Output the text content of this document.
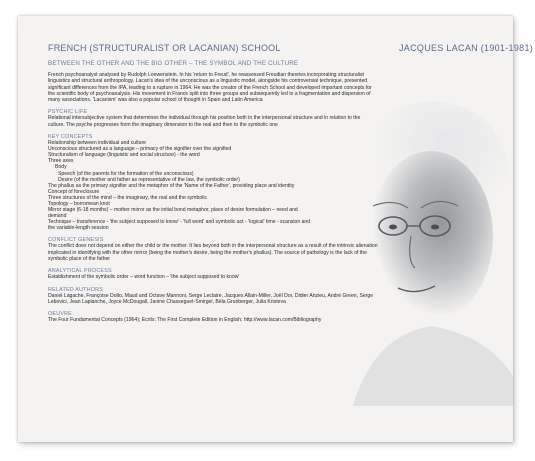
FRENCH (STRUCTURALIST OR LACANIAN) SCHOOL	JACQUES LACAN (1901-1981)
BETWEEN THE OTHER AND THE BIG OTHER – THE SYMBOL AND THE CULTURE
French psychoanalyst analysed by Rudolph Loewenstein. In his 'return to Freud', he reassessed Freudian theories incorporating structuralist linguistics and structural anthropology. Lacan's idea of the unconscious as a linguistic model, alongside his controversial technique, presented significant differences from the IPA, leading to a rupture in 1964. He was the creator of the French School and developed important concepts for the scientific body of psychoanalysis. His movement in France split into three groups and subsequently led to a fragmentation and dispersion of many associations. 'Lacanism' was also a popular school of thought in Spain and Latin America
PSYCHIC LIFE
Relational intersubjective system that determines the individual through his position both in the interpersonal structure and in relation to the culture. The psyche progresses from the imaginary dimension to the real and then to the symbolic one
KEY CONCEPTS
Relationship between individual and culture
Unconscious structured as a language – primacy of the signifier over the signified
Structuralism of language (linguistic and social structure) - the word
Three axes
Body
Speech (of the parents for the formation of the unconscious)
Desire (of the mother and father as representative of the law, the symbolic order)
The phallus as the primary signifier and the metaphor of the 'Name of the Father', providing place and identity
Concept of foreclosure
Three structures of the mind – the imaginary, the real and the symbolic
Topology – borromean knot
Mirror stage (6-18 months) – mother mirror as the initial bond metaphor, place of desire formulation – need and
demand
Technique – transference - 'the subject supposed to know' - 'full word' and symbolic act - 'logical' time - scansion and
the variable-length session
CONFLICT GENESIS
The conflict does not depend on either the child or the mother. It lies beyond both in the interpersonal structure as a result of the intrinsic alienation implicated in identifying with the other mirror (being the mother's desire, being the mother's phallus). The source of pathology is the lack of the symbolic place of the father
ANALYTICAL PROCESS
Establishment of the symbolic order – word function – 'the subject supposed to know'
RELATED AUTHORS
Daniel Lagache, Françoise Dolto, Maud and Octave Mannoni, Serge Leclaire, Jacques Allain-Miller, Joël Dor, Didier Anzieu, André Green, Serge Lebovici, Jean Laplanche, Joyce McDougall, Janine Chasseguet-Smirgel, Béla Grunberger, Julia Kristeva
OEUVRE
The Four Fundamental Concepts (1964); Ecrits: The First Complete Edition in English; http://www.lacan.com/Bibliography
